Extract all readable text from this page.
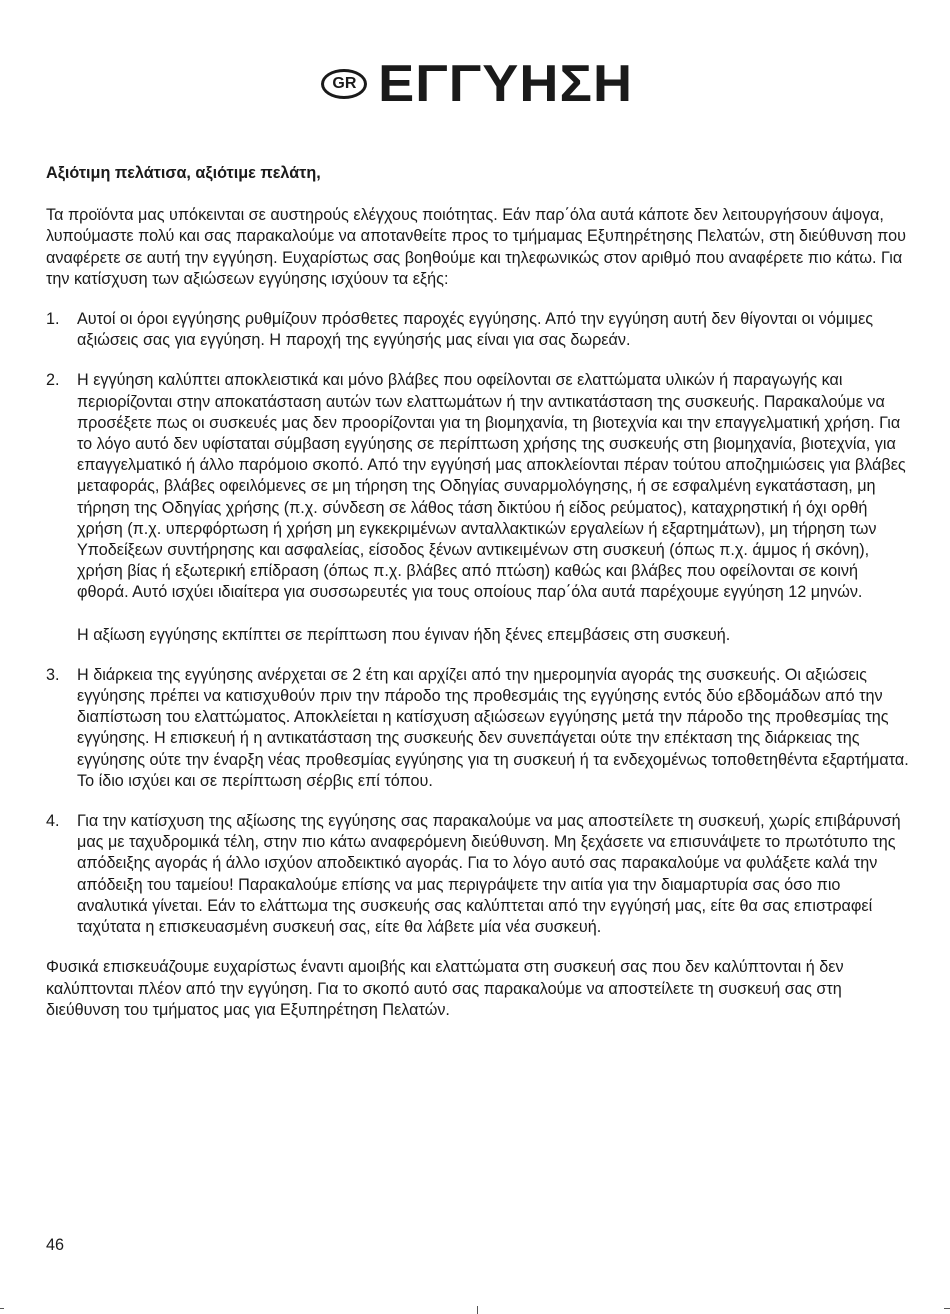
GR ΕΓΓΥΗΣΗ

Αξιότιμη πελάτισα, αξιότιμε πελάτη,

Τα προϊόντα μας υπόκεινται σε αυστηρούς ελέγχους ποιότητας. Εάν παρ΄όλα αυτά κάποτε δεν λειτουργήσουν άψογα, λυπούμαστε πολύ και σας παρακαλούμε να αποτανθείτε προς το τμήμαμας Εξυπηρέτησης Πελατών, στη διεύθυνση που αναφέρετε σε αυτή την εγγύηση. Ευχαρίστως σας βοηθούμε και τηλεφωνικώς στον αριθμό που αναφέρετε πιο κάτω. Για την κατίσχυση των αξιώσεων εγγύησης ισχύουν τα εξής:

1.	Αυτοί οι όροι εγγύησης ρυθμίζουν πρόσθετες παροχές εγγύησης. Από την εγγύηση αυτή δεν θίγονται οι νόμιμες αξιώσεις σας για εγγύηση. Η παροχή της εγγύησής μας είναι για σας δωρεάν.
2.	Η εγγύηση καλύπτει αποκλειστικά και μόνο βλάβες που οφείλονται σε ελαττώματα υλικών ή παραγωγής και περιορίζονται στην αποκατάσταση αυτών των ελαττωμάτων ή την αντικατάσταση της συσκευής. Παρακαλούμε να προσέξετε πως οι συσκευές μας δεν προορίζονται για τη βιομηχανία, τη βιοτεχνία και την επαγγελματική χρήση. Για το λόγο αυτό δεν υφίσταται σύμβαση εγγύησης σε περίπτωση χρήσης της συσκευής στη βιομηχανία, βιοτεχνία, για επαγγελματικό ή άλλο παρόμοιο σκοπό. Από την εγγύησή μας αποκλείονται πέραν τούτου αποζημιώσεις για βλάβες μεταφοράς, βλάβες οφειλόμενες σε μη τήρηση της Οδηγίας συναρμολόγησης, ή σε εσφαλμένη εγκατάσταση, μη τήρηση της Οδηγίας χρήσης (π.χ. σύνδεση σε λάθος τάση δικτύου ή είδος ρεύματος), καταχρηστική ή όχι ορθή χρήση (π.χ. υπερφόρτωση ή χρήση μη εγκεκριμένων ανταλλακτικών εργαλείων ή εξαρτημάτων), μη τήρηση των Υποδείξεων συντήρησης και ασφαλείας, είσοδος ξένων αντικειμένων στη συσκευή (όπως π.χ. άμμος ή σκόνη), χρήση βίας ή εξωτερική επίδραση (όπως π.χ. βλάβες από πτώση) καθώς και βλάβες που οφείλονται σε κοινή φθορά. Αυτό ισχύει ιδιαίτερα για συσσωρευτές για τους οποίους παρ΄όλα αυτά παρέχουμε εγγύηση 12 μηνών.
Η αξίωση εγγύησης εκπίπτει σε περίπτωση που έγιναν ήδη ξένες επεμβάσεις στη συσκευή.
3.	Η διάρκεια της εγγύησης ανέρχεται σε 2 έτη και αρχίζει από την ημερομηνία αγοράς της συσκευής. Οι αξιώσεις εγγύησης πρέπει να κατισχυθούν πριν την πάροδο της προθεσμάις της εγγύησης εντός δύο εβδομάδων από την διαπίστωση του ελαττώματος. Αποκλείεται η κατίσχυση αξιώσεων εγγύησης μετά την πάροδο της προθεσμίας της εγγύησης. Η επισκευή ή η αντικατάσταση της συσκευής δεν συνεπάγεται ούτε την επέκταση της διάρκειας της εγγύησης ούτε την έναρξη νέας προθεσμίας εγγύησης για τη συσκευή ή τα ενδεχομένως τοποθετηθέντα εξαρτήματα. Το ίδιο ισχύει και σε περίπτωση σέρβις επί τόπου.
4.	Για την κατίσχυση της αξίωσης της εγγύησης σας παρακαλούμε να μας αποστείλετε τη συσκευή, χωρίς επιβάρυνσή μας με ταχυδρομικά τέλη, στην πιο κάτω αναφερόμενη διεύθυνση. Μη ξεχάσετε να επισυνάψετε το πρωτότυπο της απόδειξης αγοράς ή άλλο ισχύον αποδεικτικό αγοράς. Για το λόγο αυτό σας παρακαλούμε να φυλάξετε καλά την απόδειξη του ταμείου! Παρακαλούμε επίσης να μας περιγράψετε την αιτία για την διαμαρτυρία σας όσο πιο αναλυτικά γίνεται. Εάν το ελάττωμα της συσκευής σας καλύπτεται από την εγγύησή μας, είτε θα σας επιστραφεί ταχύτατα η επισκευασμένη συσκευή σας, είτε θα λάβετε μία νέα συσκευή.

Φυσικά επισκευάζουμε ευχαρίστως έναντι αμοιβής και ελαττώματα στη συσκευή σας που δεν καλύπτονται ή δεν καλύπτονται πλέον από την εγγύηση. Για το σκοπό αυτό σας παρακαλούμε να αποστείλετε τη συσκευή σας στη διεύθυνση του τμήματος μας για Εξυπηρέτηση Πελατών.

46
